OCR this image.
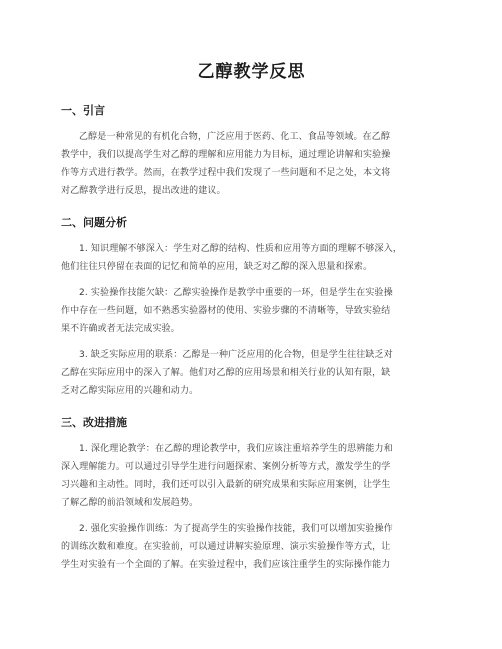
乙醇教学反思
一、引言
乙醇是一种常见的有机化合物，广泛应用于医药、化工、食品等领域。在乙醇
教学中，我们以提高学生对乙醇的理解和应用能力为目标，通过理论讲解和实验操
作等方式进行教学。然而，在教学过程中我们发现了一些问题和不足之处，本文将
对乙醇教学进行反思，提出改进的建议。
二、问题分析
1. 知识理解不够深入：学生对乙醇的结构、性质和应用等方面的理解不够深入，
他们往往只停留在表面的记忆和简单的应用，缺乏对乙醇的深入思量和探索。
2. 实验操作技能欠缺：乙醇实验操作是教学中重要的一环，但是学生在实验操
作中存在一些问题，如不熟悉实验器材的使用、实验步骤的不清晰等，导致实验结
果不许确或者无法完成实验。
3. 缺乏实际应用的联系：乙醇是一种广泛应用的化合物，但是学生往往缺乏对
乙醇在实际应用中的深入了解。他们对乙醇的应用场景和相关行业的认知有限，缺
乏对乙醇实际应用的兴趣和动力。
三、改进措施
1. 深化理论教学：在乙醇的理论教学中，我们应该注重培养学生的思辨能力和
深入理解能力。可以通过引导学生进行问题探索、案例分析等方式，激发学生的学
习兴趣和主动性。同时，我们还可以引入最新的研究成果和实际应用案例，让学生
了解乙醇的前沿领域和发展趋势。
2. 强化实验操作训练：为了提高学生的实验操作技能，我们可以增加实验操作
的训练次数和难度。在实验前，可以通过讲解实验原理、演示实验操作等方式，让
学生对实验有一个全面的了解。在实验过程中，我们应该注重学生的实际操作能力
